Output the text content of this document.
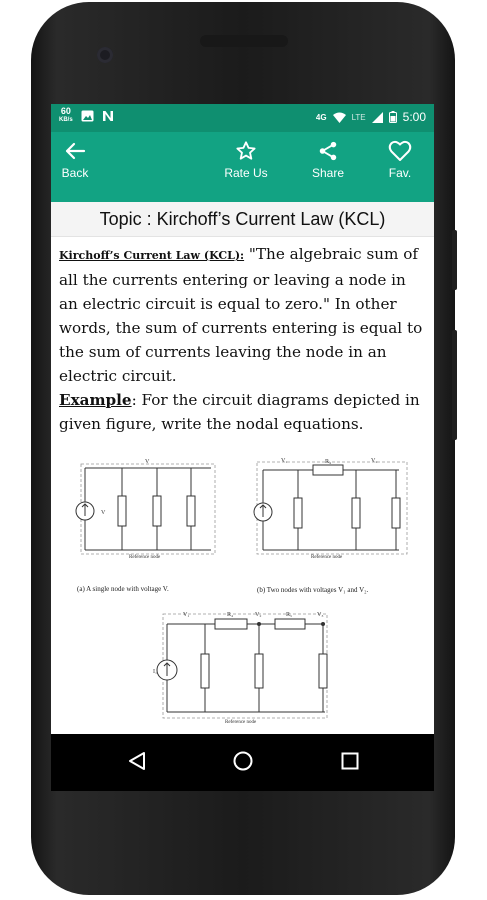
60
KB/s	4G	LTE	5:00
Back	Rate Us	Share	Fav.
Topic : Kirchoff’s Current Law (KCL)
Kirchoff’s Current Law (KCL): "The algebraic sum of all the currents entering or leaving a node in an electric circuit is equal to zero." In other words, the sum of currents entering is equal to the sum of currents leaving the node in an electric circuit.
Example: For the circuit diagrams depicted in given figure, write the nodal equations.
V
V
Reference node
(a) A single node with voltage V.
V₁	R₄	V₂
Reference node
(b) Two nodes with voltages V₁ and V₂.
V₁	R₄	V₂	R₅	V₃
I₁
Reference node
